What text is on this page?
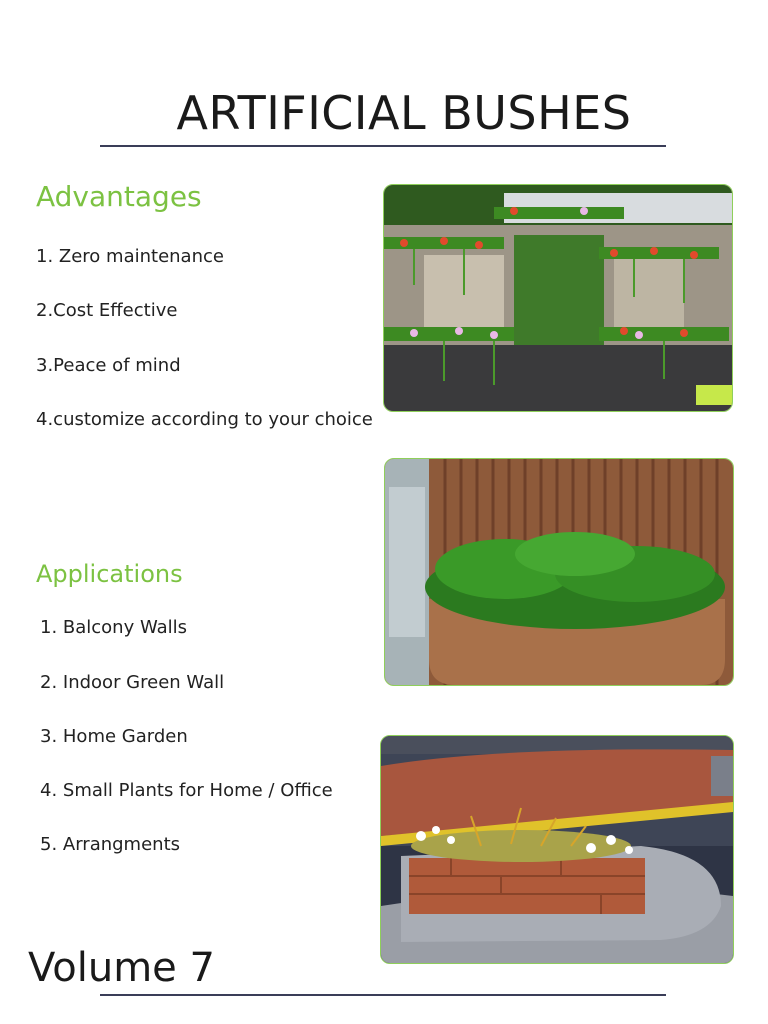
ARTIFICIAL BUSHES
Advantages
1. Zero maintenance
2.Cost Effective
3.Peace of mind
4.customize according to your choice
Applications
1. Balcony Walls
2. Indoor Green Wall
3. Home Garden
4. Small Plants for Home / Office
5. Arrangments
Volume 7
